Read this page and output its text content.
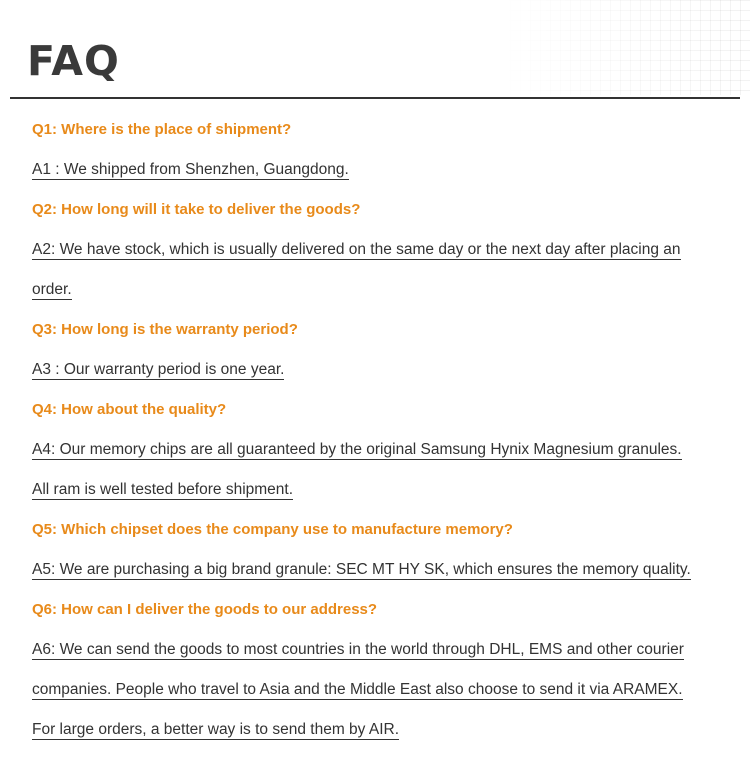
FAQ
Q1: Where is the place of shipment?
A1 : We shipped from Shenzhen, Guangdong.
Q2: How long will it take to deliver the goods?
A2: We have stock, which is usually delivered on the same day or the next day after placing an
order.
Q3: How long is the warranty period?
A3 : Our warranty period is one year.
Q4: How about the quality?
A4: Our memory chips are all guaranteed by the original Samsung Hynix Magnesium granules.
All ram is well tested before shipment.
Q5: Which chipset does the company use to manufacture memory?
A5: We are purchasing a big brand granule: SEC MT HY SK, which ensures the memory quality.
Q6: How can I deliver the goods to our address?
A6: We can send the goods to most countries in the world through DHL, EMS and other courier
companies. People who travel to Asia and the Middle East also choose to send it via ARAMEX.
For large orders, a better way is to send them by AIR.
